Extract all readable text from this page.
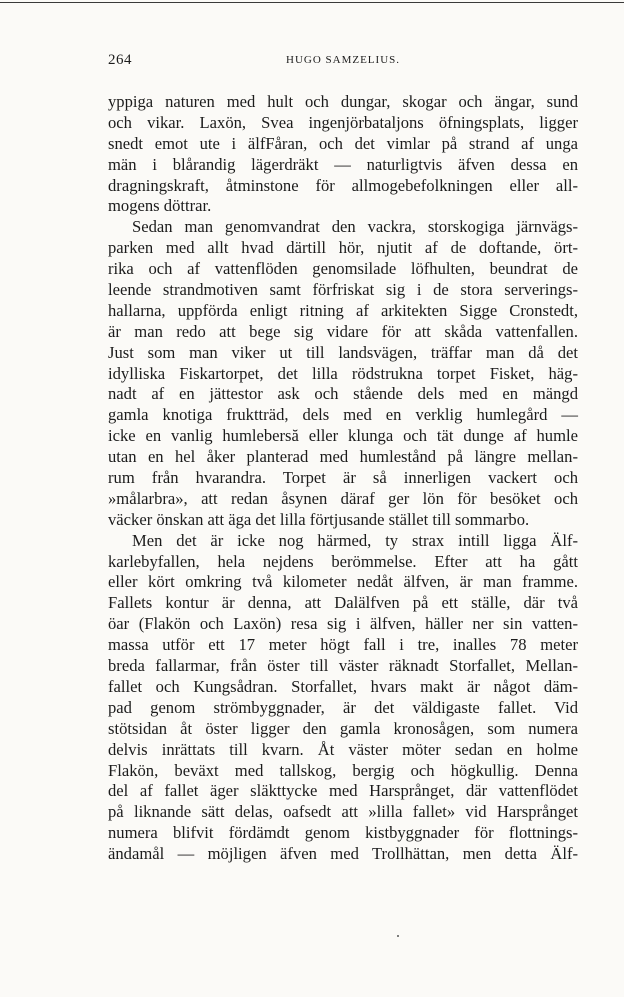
264	HUGO SAMZELIUS.
yppiga naturen med hult och dungar, skogar och ängar, sund
och vikar. Laxön, Svea ingenjörbataljons öfningsplats, ligger
snedt emot ute i älfFåran, och det vimlar på strand af unga
män i blårandig lägerdräkt — naturligtvis äfven dessa en
dragningskraft, åtminstone för allmogebefolkningen eller all-
mogens döttrar.
Sedan man genomvandrat den vackra, storskogiga järnvägs-
parken med allt hvad därtill hör, njutit af de doftande, ört-
rika och af vattenflöden genomsilade löfhulten, beundrat de
leende strandmotiven samt förfriskat sig i de stora serverings-
hallarna, uppförda enligt ritning af arkitekten Sigge Cronstedt,
är man redo att bege sig vidare för att skåda vattenfallen.
Just som man viker ut till landsvägen, träffar man då det
idylliska Fiskartorpet, det lilla rödstrukna torpet Fisket, häg-
nadt af en jättestor ask och stående dels med en mängd
gamla knotiga fruktträd, dels med en verklig humlegård —
icke en vanlig humlebersă eller klunga och tät dunge af humle
utan en hel åker planterad med humlestånd på längre mellan-
rum från hvarandra. Torpet är så innerligen vackert och
»målarbra», att redan åsynen däraf ger lön för besöket och
väcker önskan att äga det lilla förtjusande stället till sommarbo.
Men det är icke nog härmed, ty strax intill ligga Älf-
karlebyfallen, hela nejdens berömmelse. Efter att ha gått
eller kört omkring två kilometer nedåt älfven, är man framme.
Fallets kontur är denna, att Dalälfven på ett ställe, där två
öar (Flakön och Laxön) resa sig i älfven, häller ner sin vatten-
massa utför ett 17 meter högt fall i tre, inalles 78 meter
breda fallarmar, från öster till väster räknadt Storfallet, Mellan-
fallet och Kungsådran. Storfallet, hvars makt är något däm-
pad genom strömbyggnader, är det väldigaste fallet. Vid
stötsidan åt öster ligger den gamla kronosågen, som numera
delvis inrättats till kvarn. Åt väster möter sedan en holme
Flakön, beväxt med tallskog, bergig och högkullig. Denna
del af fallet äger släkttycke med Harsprånget, där vattenflödet
på liknande sätt delas, oafsedt att »lilla fallet» vid Harsprånget
numera blifvit fördämdt genom kistbyggnader för flottnings-
ändamål — möjligen äfven med Trollhättan, men detta Älf-
